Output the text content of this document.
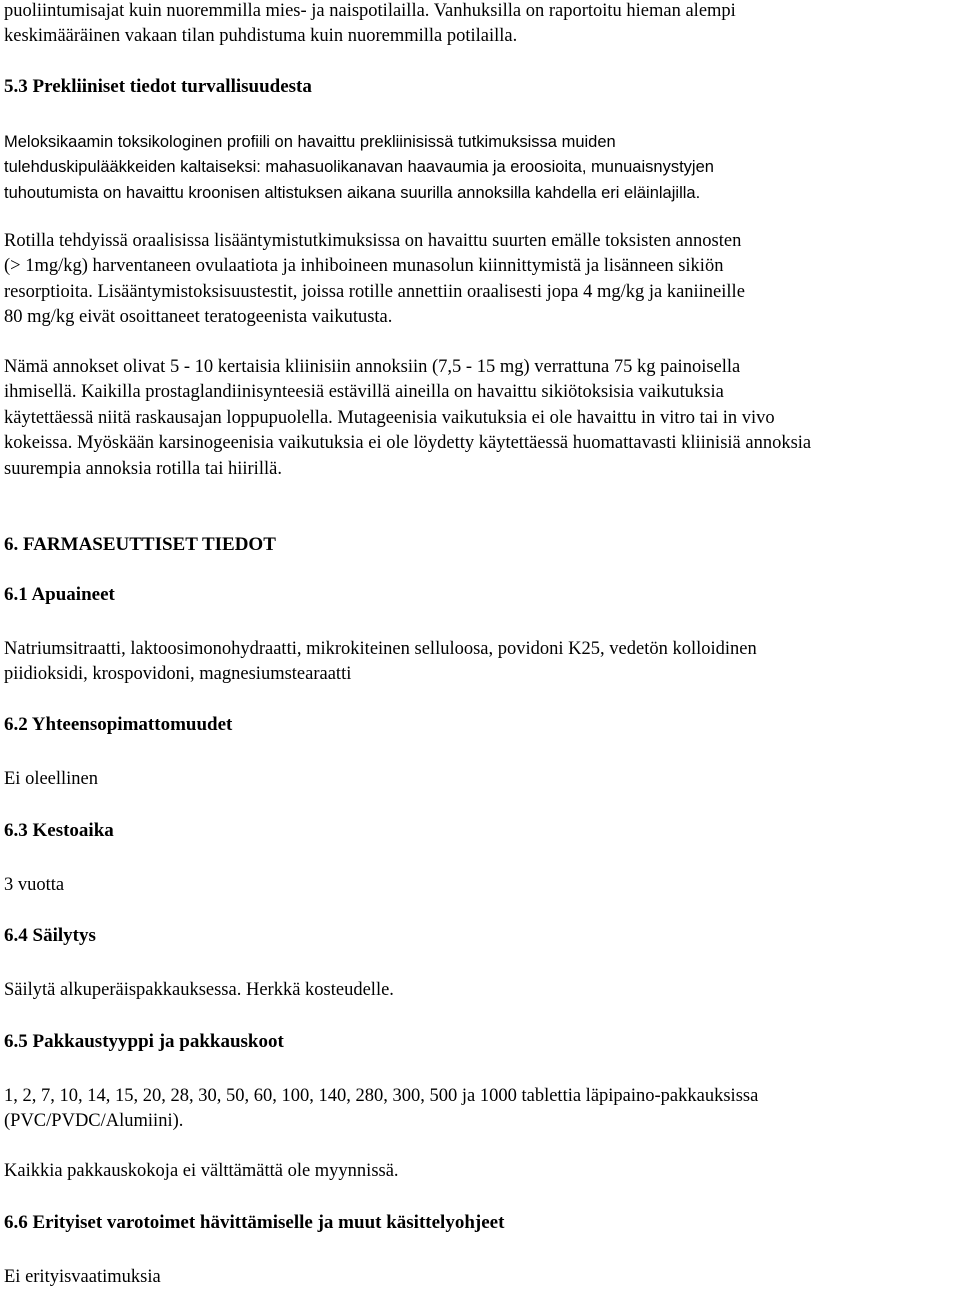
puoliintumisajat kuin nuoremmilla mies- ja naispotilailla. Vanhuksilla on raportoitu hieman alempi
keskimääräinen vakaan tilan puhdistuma kuin nuoremmilla potilailla.

5.3 Prekliiniset tiedot turvallisuudesta

Meloksikaamin toksikologinen profiili on havaittu prekliinisissä tutkimuksissa muiden
tulehduskipulääkkeiden kaltaiseksi: mahasuolikanavan haavaumia ja eroosioita, munuaisnystyjen
tuhoutumista on havaittu kroonisen altistuksen aikana suurilla annoksilla kahdella eri eläinlajilla.

Rotilla tehdyissä oraalisissa lisääntymistutkimuksissa on havaittu suurten emälle toksisten annosten
(> 1mg/kg) harventaneen ovulaatiota ja inhiboineen munasolun kiinnittymistä ja lisänneen sikiön
resorptioita. Lisääntymistoksisuustestit, joissa rotille annettiin oraalisesti jopa 4 mg/kg ja kaniineille
80 mg/kg eivät osoittaneet teratogeenista vaikutusta.

Nämä annokset olivat 5 - 10 kertaisia kliinisiin annoksiin (7,5 - 15 mg) verrattuna 75 kg painoisella
ihmisellä. Kaikilla prostaglandiinisynteesiä estävillä aineilla on havaittu sikiötoksisia vaikutuksia
käytettäessä niitä raskausajan loppupuolella. Mutageenisia vaikutuksia ei ole havaittu in vitro tai in vivo
kokeissa. Myöskään karsinogeenisia vaikutuksia ei ole löydetty käytettäessä huomattavasti kliinisiä annoksia
suurempia annoksia rotilla tai hiirillä.

6. FARMASEUTTISET TIEDOT
6.1 Apuaineet

Natriumsitraatti, laktoosimonohydraatti, mikrokiteinen selluloosa, povidoni K25, vedetön kolloidinen
piidioksidi, krospovidoni, magnesiumstearaatti

6.2 Yhteensopimattomuudet

Ei oleellinen

6.3 Kestoaika

3 vuotta

6.4 Säilytys

Säilytä alkuperäispakkauksessa. Herkkä kosteudelle.

6.5 Pakkaustyyppi ja pakkauskoot

1, 2, 7, 10, 14, 15, 20, 28, 30, 50, 60, 100, 140, 280, 300, 500 ja 1000 tablettia läpipaino-pakkauksissa
(PVC/PVDC/Alumiini).

Kaikkia pakkauskokoja ei välttämättä ole myynnissä.

6.6 Erityiset varotoimet hävittämiselle ja muut käsittelyohjeet

Ei erityisvaatimuksia
